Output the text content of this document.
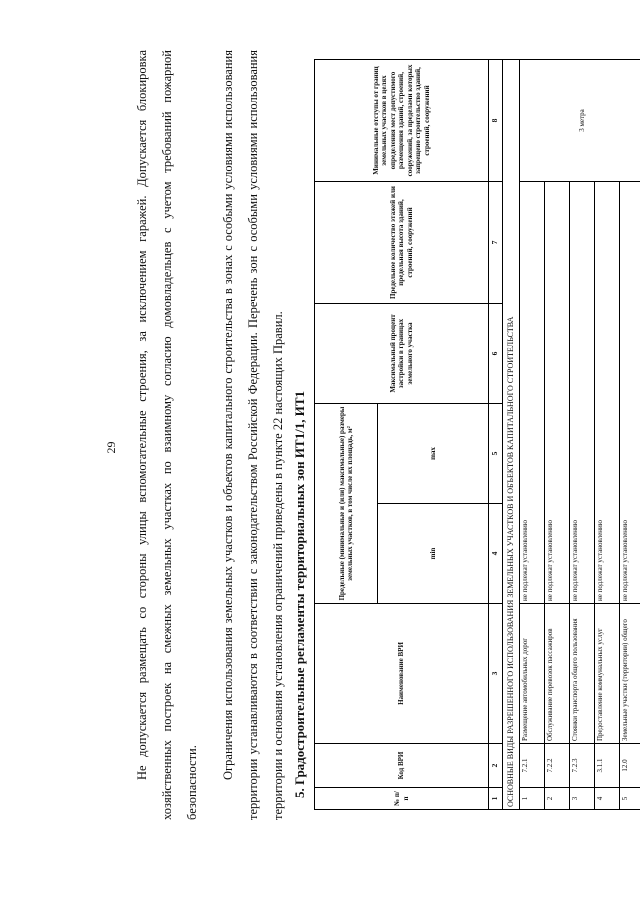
29	Не допускается размещать со стороны улицы вспомогательные строения, за исключением гаражей. Допускается блокировка хозяйственных построек на смежных земельных участках по взаимному согласию домовладельцев с учетом требований пожарной безопасности.
Ограничения использования земельных участков и объектов капитального строительства в зонах с особыми условиями использования территории устанавливаются в соответствии с законодательством Российской Федерации. Перечень зон с особыми условиями использования территории и основания установления ограничений приведены в пункте 22 настоящих Правил. 5. Градостроительные регламенты территориальных зон ИТ1/1, ИТ1
№ п/п	Код ВРИ	Наименование ВРИ	Предельные (минимальные и (или) максимальные) размеры земельных участков, в том числе их площадь, м²		Максимальный процент застройки в границах земельного участка	Предельное количество этажей или предельная высота зданий, строений, сооружений	Минимальные отступы от границ земельных участков в целях определения мест допустимого размещения зданий, строений, сооружений, за пределами которых запрещено строительство зданий, строений, сооружений
			min	max			
1	2	3	4	5	6	7	8
ОСНОВНЫЕ ВИДЫ РАЗРЕШЕННОГО ИСПОЛЬЗОВАНИЯ ЗЕМЕЛЬНЫХ УЧАСТКОВ И ОБЪЕКТОВ КАПИТАЛЬНОГО СТРОИТЕЛЬСТВА							
1	7.2.1	Размещение автомобильных дорог	не подлежат установлению				3 метра
2	7.2.2	Обслуживание перевозок пассажиров	не подлежат установлению				
3	7.2.3	Стоянки транспорта общего пользования	не подлежат установлению				
4	3.1.1	Предоставление коммунальных услуг	не подлежат установлению				
5	12.0	Земельные участки (территории) общего	не подлежат установлению				
